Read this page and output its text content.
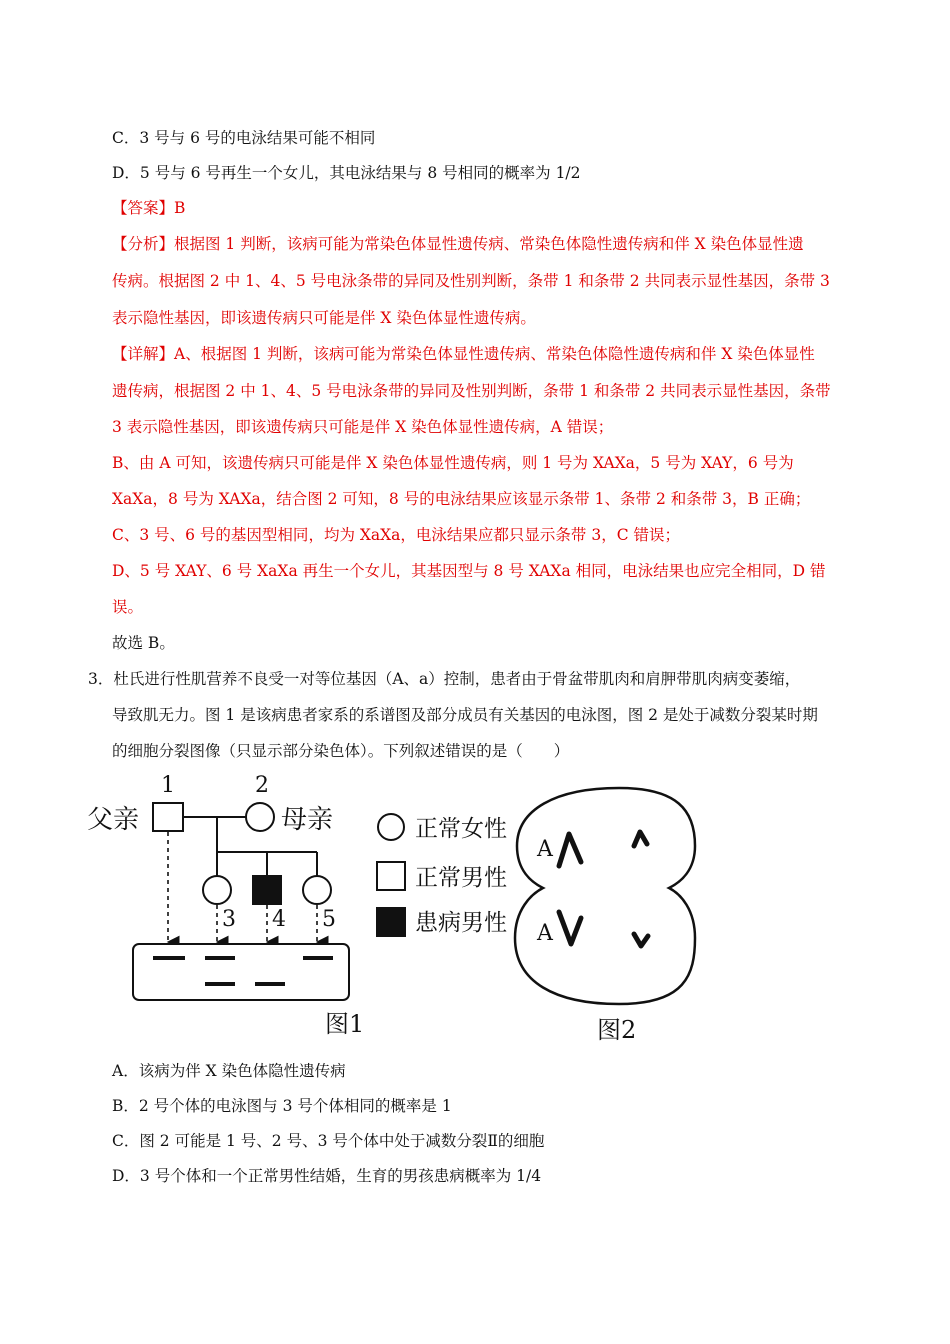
C．3 号与 6 号的电泳结果可能不相同
D．5 号与 6 号再生一个女儿，其电泳结果与 8 号相同的概率为 1/2
【答案】B
【分析】根据图 1 判断，该病可能为常染色体显性遗传病、常染色体隐性遗传病和伴 X 染色体显性遗
传病。根据图 2 中 1、4、5 号电泳条带的异同及性别判断，条带 1 和条带 2 共同表示显性基因，条带 3
表示隐性基因，即该遗传病只可能是伴 X 染色体显性遗传病。
【详解】A、根据图 1 判断，该病可能为常染色体显性遗传病、常染色体隐性遗传病和伴 X 染色体显性
遗传病，根据图 2 中 1、4、5 号电泳条带的异同及性别判断，条带 1 和条带 2 共同表示显性基因，条带
3 表示隐性基因，即该遗传病只可能是伴 X 染色体显性遗传病，A 错误；
B、由 A 可知，该遗传病只可能是伴 X 染色体显性遗传病，则 1 号为 XAXa，5 号为 XAY，6 号为
XaXa，8 号为 XAXa，结合图 2 可知，8 号的电泳结果应该显示条带 1、条带 2 和条带 3，B 正确；
C、3 号、6 号的基因型相同，均为 XaXa，电泳结果应都只显示条带 3，C 错误；
D、5 号 XAY、6 号 XaXa 再生一个女儿，其基因型与 8 号 XAXa 相同，电泳结果也应完全相同，D 错
误。
故选 B。
3．杜氏进行性肌营养不良受一对等位基因（A、a）控制，患者由于骨盆带肌肉和肩胛带肌肉病变萎缩，
导致肌无力。图 1 是该病患者家系的系谱图及部分成员有关基因的电泳图，图 2 是处于减数分裂某时期
的细胞分裂图像（只显示部分染色体）。下列叙述错误的是（　　）
父亲
1	2
母亲
3 4 5
图1
正常女性
正常男性
患病男性
A
A
图2
A．该病为伴 X 染色体隐性遗传病
B．2 号个体的电泳图与 3 号个体相同的概率是 1
C．图 2 可能是 1 号、2 号、3 号个体中处于减数分裂Ⅱ的细胞
D．3 号个体和一个正常男性结婚，生育的男孩患病概率为 1/4
